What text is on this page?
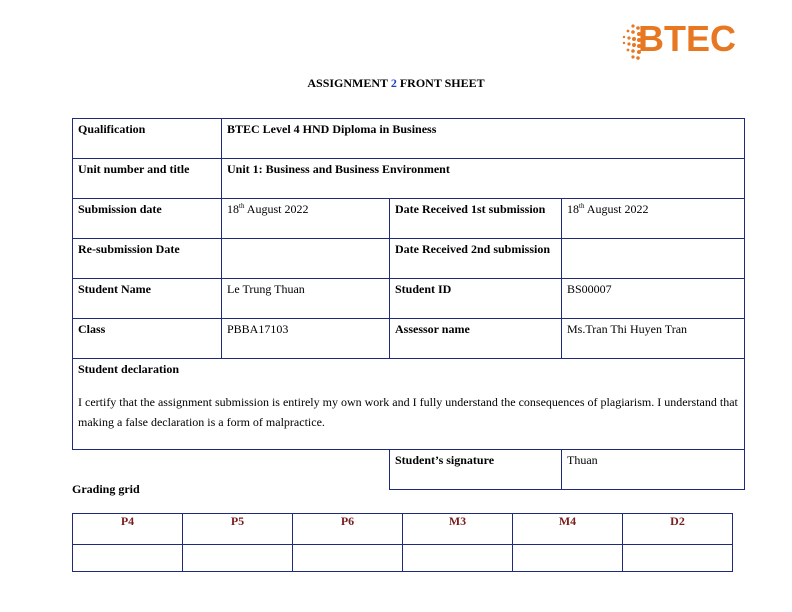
BTEC
ASSIGNMENT 2 FRONT SHEET
Qualification	BTEC Level 4 HND Diploma in Business		
Unit number and title	Unit 1: Business and Business Environment		
Submission date	18th August 2022	Date Received 1st submission	18th August 2022
Re-submission Date		Date Received 2nd submission	
Student Name	Le Trung Thuan	Student ID	BS00007
Class	PBBA17103	Assessor name	Ms.Tran Thi Huyen Tran

Student declaration
I certify that the assignment submission is entirely my own work and I fully understand the consequences of plagiarism. I understand that making a false declaration is a form of malpractice.			

		Student’s signature	Thuan
Grading grid
P4	P5	P6	M3	M4	D2
